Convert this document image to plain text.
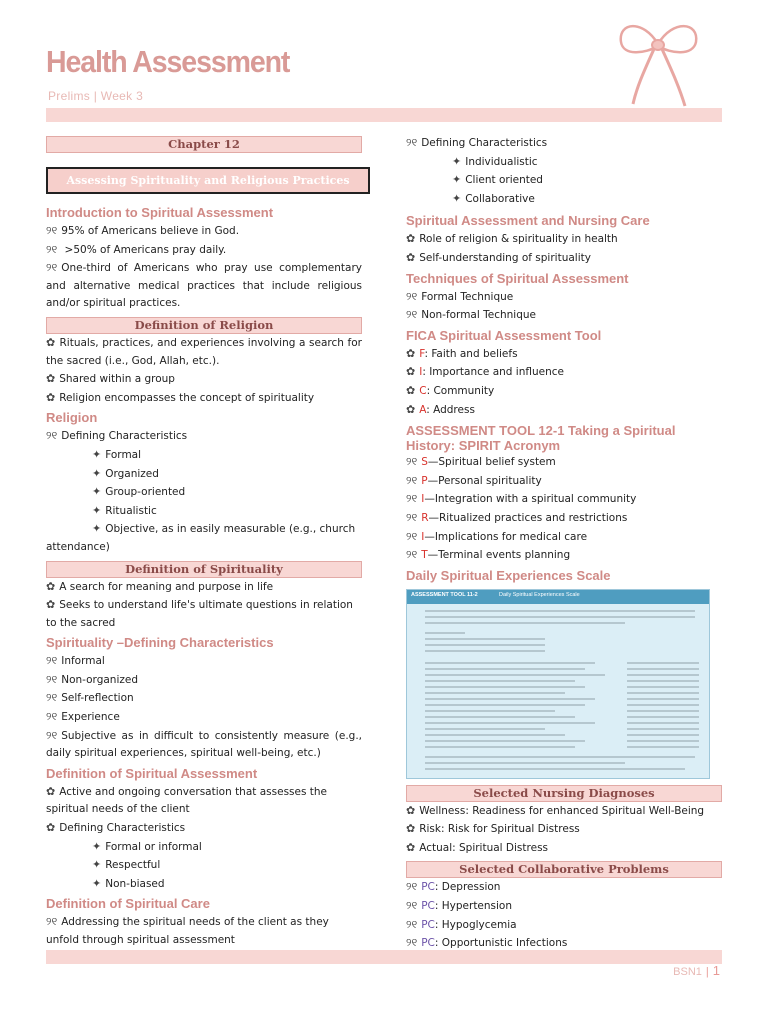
Health Assessment
Prelims | Week 3
Chapter 12
Assessing Spirituality and Religious Practices
Introduction to Spiritual Assessment
୨୧ 95% of Americans believe in God.
୨୧ >50% of Americans pray daily.
୨୧ One-third of Americans who pray use complementary and alternative medical practices that include religious and/or spiritual practices.
Definition of Religion
✿ Rituals, practices, and experiences involving a search for the sacred (i.e., God, Allah, etc.).
✿ Shared within a group
✿ Religion encompasses the concept of spirituality
Religion
୨୧ Defining Characteristics
✦ Formal
✦ Organized
✦ Group-oriented
✦ Ritualistic
✦ Objective, as in easily measurable (e.g., church attendance)
Definition of Spirituality
✿ A search for meaning and purpose in life
✿ Seeks to understand life's ultimate questions in relation to the sacred
Spirituality –Defining Characteristics
୨୧ Informal
୨୧ Non-organized
୨୧ Self-reflection
୨୧ Experience
୨୧ Subjective as in difficult to consistently measure (e.g., daily spiritual experiences, spiritual well-being, etc.)
Definition of Spiritual Assessment
✿ Active and ongoing conversation that assesses the spiritual needs of the client
✿ Defining Characteristics
✦ Formal or informal
✦ Respectful
✦ Non-biased
Definition of Spiritual Care
୨୧ Addressing the spiritual needs of the client as they unfold through spiritual assessment
୨୧ Defining Characteristics
✦ Individualistic
✦ Client oriented
✦ Collaborative
Spiritual Assessment and Nursing Care
✿ Role of religion & spirituality in health
✿ Self-understanding of spirituality
Techniques of Spiritual Assessment
୨୧ Formal Technique
୨୧ Non-formal Technique
FICA Spiritual Assessment Tool
✿ F: Faith and beliefs
✿ I: Importance and influence
✿ C: Community
✿ A: Address
ASSESSMENT TOOL 12-1 Taking a Spiritual History: SPIRIT Acronym
୨୧ S—Spiritual belief system
୨୧ P—Personal spirituality
୨୧ I—Integration with a spiritual community
୨୧ R—Ritualized practices and restrictions
୨୧ I—Implications for medical care
୨୧ T—Terminal events planning
Daily Spiritual Experiences Scale
ASSESSMENT TOOL 11-2	Daily Spiritual Experiences Scale
Selected Nursing Diagnoses
✿ Wellness: Readiness for enhanced Spiritual Well-Being
✿ Risk: Risk for Spiritual Distress
✿ Actual: Spiritual Distress
Selected Collaborative Problems
୨୧ PC: Depression
୨୧ PC: Hypertension
୨୧ PC: Hypoglycemia
୨୧ PC: Opportunistic Infections
BSN1 | 1
